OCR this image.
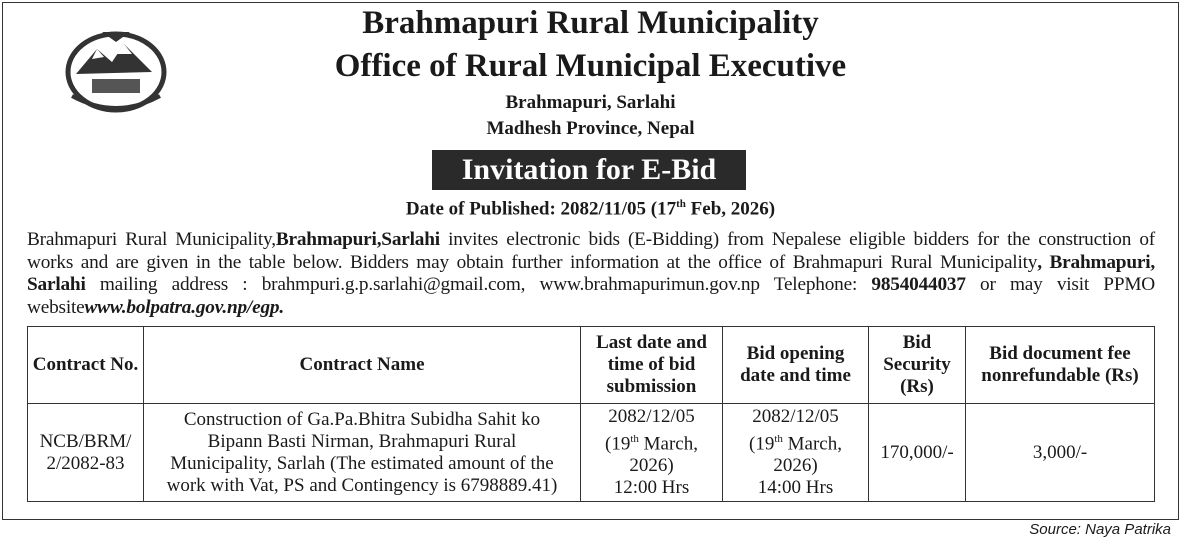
Brahmapuri Rural Municipality
Office of Rural Municipal Executive
Brahmapuri, Sarlahi
Madhesh Province, Nepal
Invitation for E-Bid
Date of Published: 2082/11/05 (17th Feb, 2026)
Brahmapuri Rural Municipality,Brahmapuri,Sarlahi invites electronic bids (E-Bidding) from Nepalese eligible bidders for the construction of works and are given in the table below. Bidders may obtain further information at the office of Brahmapuri Rural Municipality, Brahmapuri, Sarlahi mailing address : brahmpuri.g.p.sarlahi@gmail.com, www.brahmapurimun.gov.np Telephone: 9854044037 or may visit PPMO websitewww.bolpatra.gov.np/egp.
Contract No.	Contract Name	Last date and time of bid submission	Bid opening date and time	Bid Security (Rs)	Bid document fee nonrefundable (Rs)
NCB/BRM/ 2/2082-83	Construction of Ga.Pa.Bhitra Subidha Sahit ko Bipann Basti Nirman, Brahmapuri Rural Municipality, Sarlah (The estimated amount of the work with Vat, PS and Contingency is 6798889.41)	2082/12/05
(19th March,
2026)
12:00 Hrs	2082/12/05
(19th March,
2026)
14:00 Hrs	170,000/-	3,000/-
Source: Naya Patrika
